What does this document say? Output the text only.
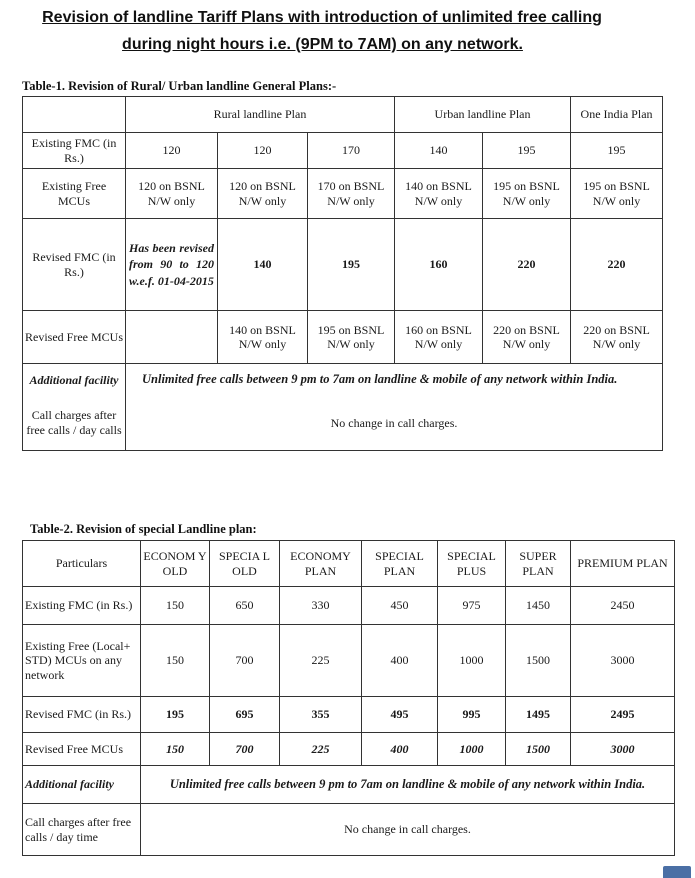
Revision of landline Tariff Plans with introduction of unlimited free calling
during night hours i.e. (9PM to 7AM) on any network.
Table-1. Revision of Rural/ Urban landline General Plans:-
	Rural landline Plan			Urban landline Plan		One India Plan
Existing FMC (in Rs.)	120	120	170	140	195	195
Existing Free MCUs	120 on BSNL N/W only	120 on BSNL N/W only	170 on BSNL N/W only	140 on BSNL N/W only	195 on BSNL N/W only	195 on BSNL N/W only
Revised FMC (in Rs.)	Has been revised from 90 to 120 w.e.f. 01-04-2015	140	195	160	220	220
Revised Free MCUs		140 on BSNL N/W only	195 on BSNL N/W only	160 on BSNL N/W only	220 on BSNL N/W only	220 on BSNL N/W only
Additional facility	Unlimited free calls between 9 pm to 7am on landline & mobile of any network within India.					
Call charges after free calls / day calls	No change in call charges.					
Table-2. Revision of special Landline plan:
Particulars	ECONOM Y OLD	SPECIA L OLD	ECONOMY PLAN	SPECIAL PLAN	SPECIAL PLUS	SUPER PLAN	PREMIUM PLAN
Existing FMC (in Rs.)	150	650	330	450	975	1450	2450
Existing Free (Local+ STD) MCUs on any network	150	700	225	400	1000	1500	3000
Revised FMC (in Rs.)	195	695	355	495	995	1495	2495
Revised Free MCUs	150	700	225	400	1000	1500	3000
Additional facility	Unlimited free calls between 9 pm to 7am on landline & mobile of any network within India.						
Call charges after free calls / day time	No change in call charges.						
